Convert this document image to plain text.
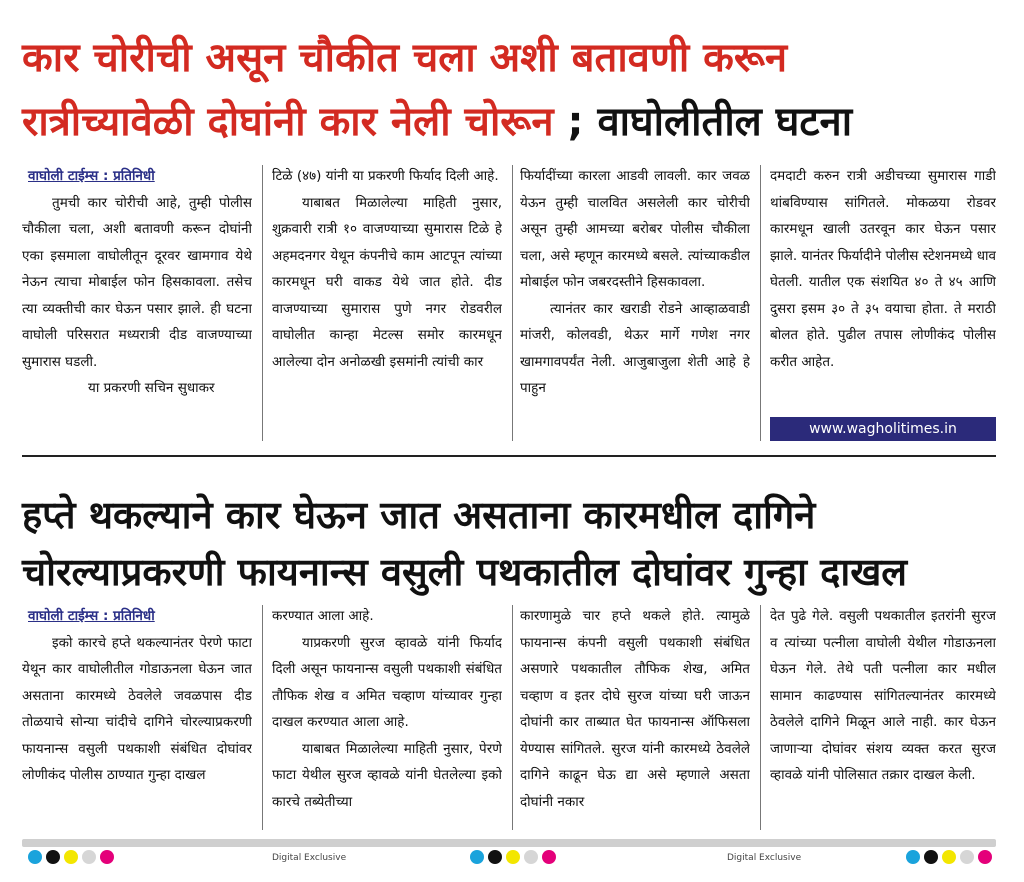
कार चोरीची असून चौकीत चला अशी बतावणी करून
रात्रीच्यावेळी दोघांनी कार नेली चोरून ; वाघोलीतील घटना
वाघोली टाईम्स : प्रतिनिधी

तुमची कार चोरीची आहे, तुम्ही पोलीस चौकीला चला, अशी बतावणी करून दोघांनी एका इसमाला वाघोलीतून दूरवर खामगाव येथे नेऊन त्याचा मोबाईल फोन हिसकावला. तसेच त्या व्यक्तीची कार घेऊन पसार झाले. ही घटना वाघोली परिसरात मध्यरात्री दीड वाजण्याच्या सुमारास घडली.

या प्रकरणी सचिन सुधाकर

टिळे (४७) यांनी या प्रकरणी फिर्याद दिली आहे.

याबाबत मिळालेल्या माहिती नुसार, शुक्रवारी रात्री १० वाजण्याच्या सुमारास टिळे हे अहमदनगर येथून कंपनीचे काम आटपून त्यांच्या कारमधून घरी वाकड येथे जात होते. दीड वाजण्याच्या सुमारास पुणे नगर रोडवरील वाघोलीत कान्हा मेटल्स समोर कारमधून आलेल्या दोन अनोळखी इसमांनी त्यांची कार

फिर्यादींच्या कारला आडवी लावली. कार जवळ येऊन तुम्ही चालवित असलेली कार चोरीची असून तुम्ही आमच्या बरोबर पोलीस चौकीला चला, असे म्हणून कारमध्ये बसले. त्यांच्याकडील मोबाईल फोन जबरदस्तीने हिसकावला.

त्यानंतर कार खराडी रोडने आव्हाळवाडी मांजरी, कोलवडी, थेऊर मार्गे गणेश नगर खामगावपर्यंत नेली. आजुबाजुला शेती आहे हे पाहुन

दमदाटी करुन रात्री अडीचच्या सुमारास गाडी थांबविण्यास सांगितले. मोकळया रोडवर कारमधून खाली उतरवून कार घेऊन पसार झाले. यानंतर फिर्यादीने पोलीस स्टेशनमध्ये धाव घेतली. यातील एक संशयित ४० ते ४५ आणि दुसरा इसम ३० ते ३५ वयाचा होता. ते मराठी बोलत होते. पुढील तपास लोणीकंद पोलीस करीत आहेत.

www.wagholitimes.in
हप्ते थकल्याने कार घेऊन जात असताना कारमधील दागिने
चोरल्याप्रकरणी फायनान्स वसुली पथकातील दोघांवर गुन्हा दाखल
वाघोली टाईम्स : प्रतिनिधी

इको कारचे हप्ते थकल्यानंतर पेरणे फाटा येथून कार वाघोलीतील गोडाऊनला घेऊन जात असताना कारमध्ये ठेवलेले जवळपास दीड तोळयाचे सोन्या चांदीचे दागिने चोरल्याप्रकरणी फायनान्स वसुली पथकाशी संबंधित दोघांवर लोणीकंद पोलीस ठाण्यात गुन्हा दाखल

करण्यात आला आहे.

याप्रकरणी सुरज व्हावळे यांनी फिर्याद दिली असून फायनान्स वसुली पथकाशी संबंधित तौफिक शेख व अमित चव्हाण यांच्यावर गुन्हा दाखल करण्यात आला आहे.

याबाबत मिळालेल्या माहिती नुसार, पेरणे फाटा येथील सुरज व्हावळे यांनी घेतलेल्या इको कारचे तब्येतीच्या

कारणामुळे चार हप्ते थकले होते. त्यामुळे फायनान्स कंपनी वसुली पथकाशी संबंधित असणारे पथकातील तौफिक शेख, अमित चव्हाण व इतर दोघे सुरज यांच्या घरी जाऊन दोघांनी कार ताब्यात घेत फायनान्स ऑफिसला येण्यास सांगितले. सुरज यांनी कारमध्ये ठेवलेले दागिने काढून घेऊ द्या असे म्हणाले असता दोघांनी नकार

देत पुढे गेले. वसुली पथकातील इतरांनी सुरज व त्यांच्या पत्नीला वाघोली येथील गोडाऊनला घेऊन गेले. तेथे पती पत्नीला कार मधील सामान काढण्यास सांगितल्यानंतर कारमध्ये ठेवलेले दागिने मिळून आले नाही. कार घेऊन जाणाऱ्या दोघांवर संशय व्यक्त करत सुरज व्हावळे यांनी पोलिसात तक्रार दाखल केली.

Digital Exclusive	Digital Exclusive
